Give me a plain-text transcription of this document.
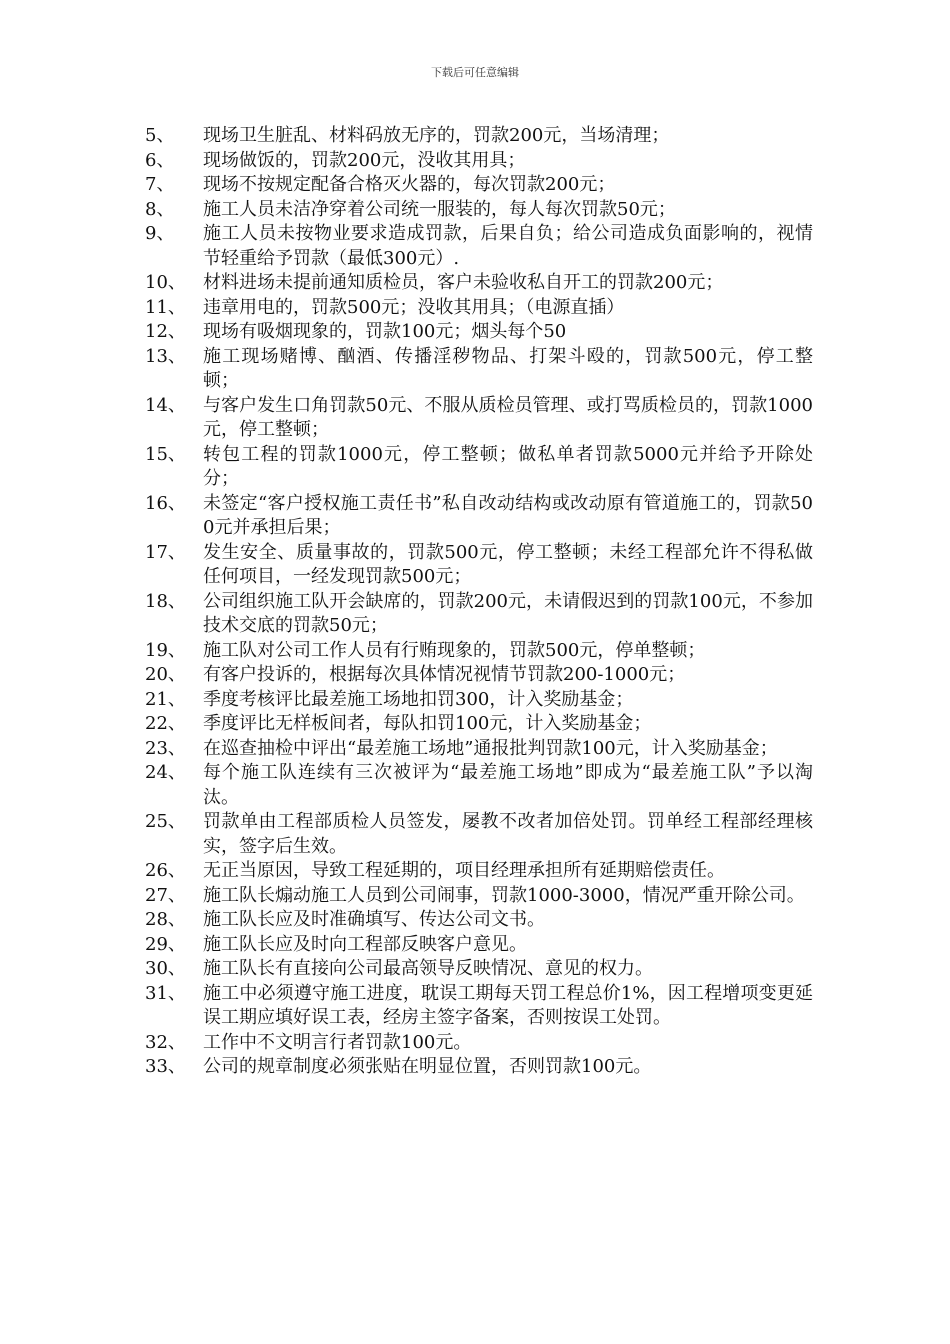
下载后可任意编辑
5、	现场卫生脏乱、材料码放无序的，罚款200元，当场清理；
6、	现场做饭的，罚款200元，没收其用具；
7、	现场不按规定配备合格灭火器的，每次罚款200元；
8、	施工人员未洁净穿着公司统一服装的，每人每次罚款50元；
9、	施工人员未按物业要求造成罚款，后果自负；给公司造成负面影响的，视情节轻重给予罚款（最低300元）.
10、 材料进场未提前通知质检员，客户未验收私自开工的罚款200元；
11、 违章用电的，罚款500元；没收其用具；（电源直插）
12、 现场有吸烟现象的，罚款100元；烟头每个50
13、 施工现场赌博、酗酒、传播淫秽物品、打架斗殴的，罚款500元，停工整顿；
14、 与客户发生口角罚款50元、不服从质检员管理、或打骂质检员的，罚款1000元，停工整顿；
15、 转包工程的罚款1000元，停工整顿；做私单者罚款5000元并给予开除处分；
16、 未签定“客户授权施工责任书”私自改动结构或改动原有管道施工的，罚款500元并承担后果；
17、 发生安全、质量事故的，罚款500元，停工整顿；未经工程部允许不得私做任何项目，一经发现罚款500元；
18、 公司组织施工队开会缺席的，罚款200元，未请假迟到的罚款100元，不参加技术交底的罚款50元；
19、 施工队对公司工作人员有行贿现象的，罚款500元，停单整顿；
20、 有客户投诉的，根据每次具体情况视情节罚款200-1000元；
21、 季度考核评比最差施工场地扣罚300，计入奖励基金；
22、 季度评比无样板间者，每队扣罚100元，计入奖励基金；
23、 在巡查抽检中评出“最差施工场地”通报批判罚款100元，计入奖励基金；
24、 每个施工队连续有三次被评为“最差施工场地”即成为“最差施工队”予以淘汰。
25、 罚款单由工程部质检人员签发，屡教不改者加倍处罚。罚单经工程部经理核实，签字后生效。
26、 无正当原因，导致工程延期的，项目经理承担所有延期赔偿责任。
27、 施工队长煽动施工人员到公司闹事，罚款1000-3000，情况严重开除公司。
28、 施工队长应及时准确填写、传达公司文书。
29、 施工队长应及时向工程部反映客户意见。
30、 施工队长有直接向公司最高领导反映情况、意见的权力。
31、 施工中必须遵守施工进度，耽误工期每天罚工程总价1%，因工程增项变更延误工期应填好误工表，经房主签字备案，否则按误工处罚。
32、 工作中不文明言行者罚款100元。
33、 公司的规章制度必须张贴在明显位置，否则罚款100元。
